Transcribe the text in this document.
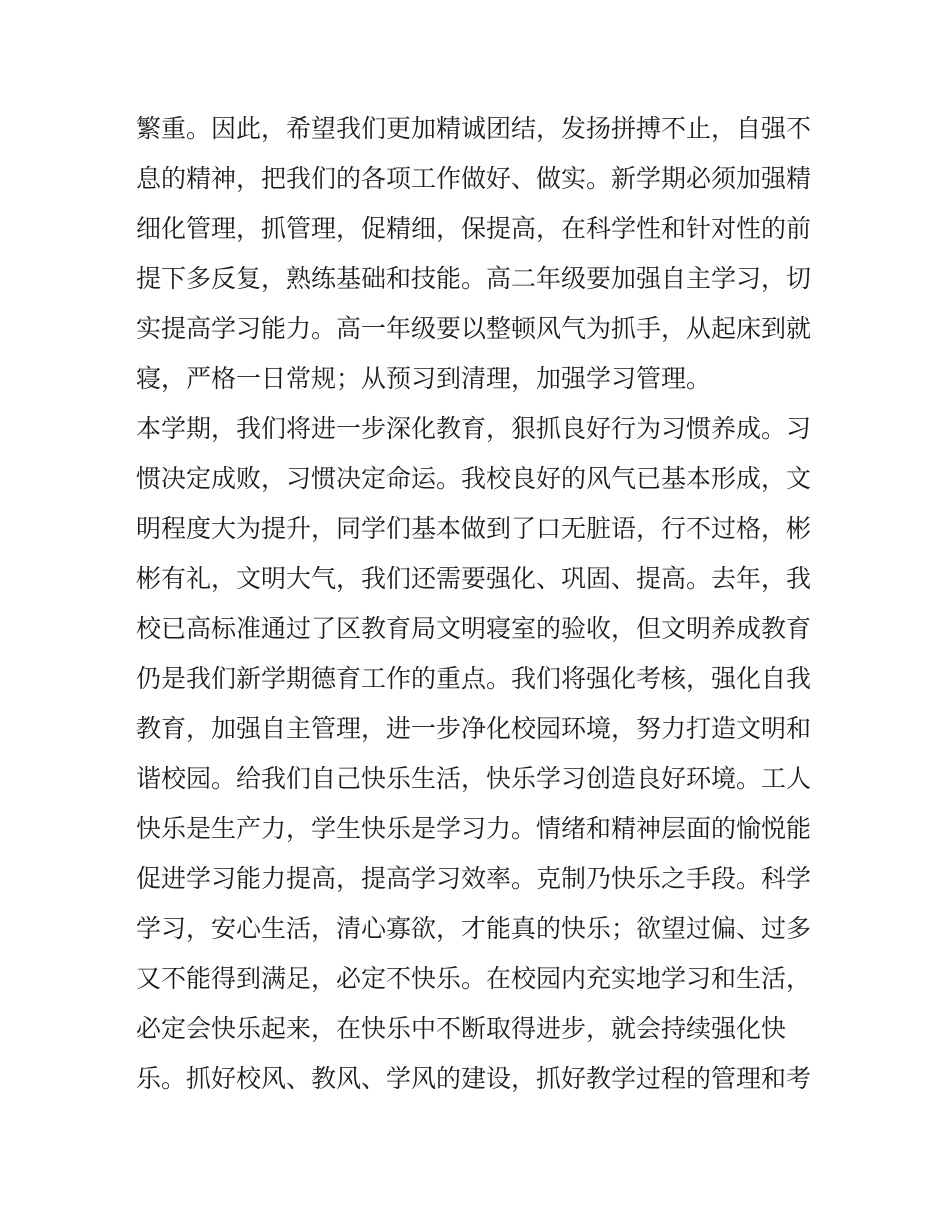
繁重。因此，希望我们更加精诚团结，发扬拼搏不止，自强不
息的精神，把我们的各项工作做好、做实。新学期必须加强精
细化管理，抓管理，促精细，保提高，在科学性和针对性的前
提下多反复，熟练基础和技能。高二年级要加强自主学习，切
实提高学习能力。高一年级要以整顿风气为抓手，从起床到就
寝，严格一日常规；从预习到清理，加强学习管理。
本学期，我们将进一步深化教育，狠抓良好行为习惯养成。习
惯决定成败，习惯决定命运。我校良好的风气已基本形成，文
明程度大为提升，同学们基本做到了口无脏语，行不过格，彬
彬有礼，文明大气，我们还需要强化、巩固、提高。去年，我
校已高标准通过了区教育局文明寝室的验收，但文明养成教育
仍是我们新学期德育工作的重点。我们将强化考核，强化自我
教育，加强自主管理，进一步净化校园环境，努力打造文明和
谐校园。给我们自己快乐生活，快乐学习创造良好环境。工人
快乐是生产力，学生快乐是学习力。情绪和精神层面的愉悦能
促进学习能力提高，提高学习效率。克制乃快乐之手段。科学
学习，安心生活，清心寡欲，才能真的快乐；欲望过偏、过多
又不能得到满足，必定不快乐。在校园内充实地学习和生活，
必定会快乐起来，在快乐中不断取得进步，就会持续强化快
乐。抓好校风、教风、学风的建设，抓好教学过程的管理和考
